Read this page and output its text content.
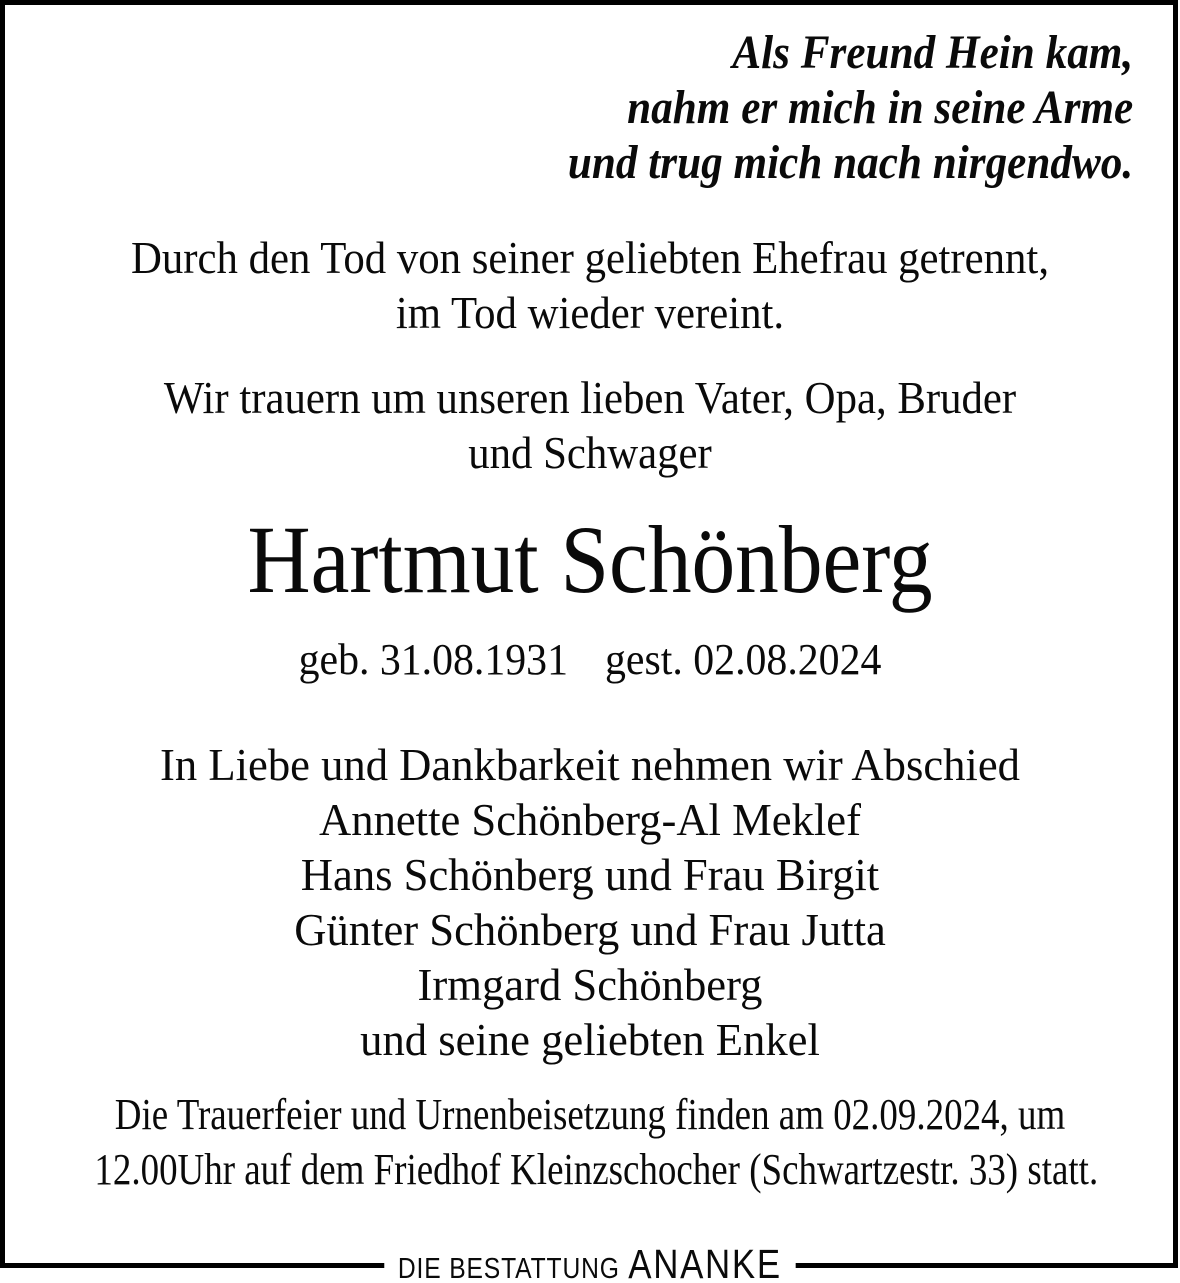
Als Freund Hein kam,
nahm er mich in seine Arme
und trug mich nach nirgendwo.
Durch den Tod von seiner geliebten Ehefrau getrennt,
im Tod wieder vereint.
Wir trauern um unseren lieben Vater, Opa, Bruder
und Schwager
Hartmut Schönberg
geb. 31.08.1931 gest. 02.08.2024
In Liebe und Dankbarkeit nehmen wir Abschied
Annette Schönberg-Al Meklef
Hans Schönberg und Frau Birgit
Günter Schönberg und Frau Jutta
Irmgard Schönberg
und seine geliebten Enkel
Die Trauerfeier und Urnenbeisetzung finden am 02.09.2024, um
12.00Uhr auf dem Friedhof Kleinzschocher (Schwartzestr. 33) statt.
DIE BESTATTUNG ANANKE
